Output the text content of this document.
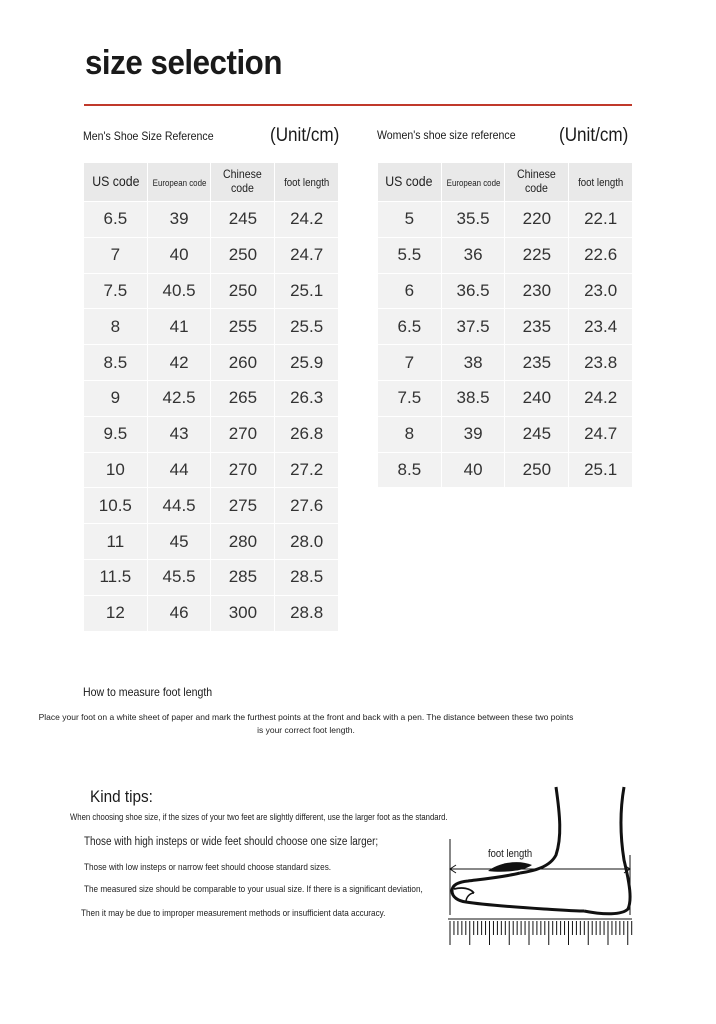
size selection
Men's Shoe Size Reference	(Unit/cm)
US code	European code	Chinese code	foot length
6.5	39	245	24.2
7	40	250	24.7
7.5	40.5	250	25.1
8	41	255	25.5
8.5	42	260	25.9
9	42.5	265	26.3
9.5	43	270	26.8
10	44	270	27.2
10.5	44.5	275	27.6
11	45	280	28.0
11.5	45.5	285	28.5
12	46	300	28.8
Women's shoe size reference (Unit/cm)
US code	European code	Chinese code	foot length
5	35.5	220	22.1
5.5	36	225	22.6
6	36.5	230	23.0
6.5	37.5	235	23.4
7	38	235	23.8
7.5	38.5	240	24.2
8	39	245	24.7
8.5	40	250	25.1
How to measure foot length
Place your foot on a white sheet of paper and mark the furthest points at the front and back with a pen. The distance between these two points is your correct foot length.
Kind tips:
When choosing shoe size, if the sizes of your two feet are slightly different, use the larger foot as the standard.
Those with high insteps or wide feet should choose one size larger;
Those with low insteps or narrow feet should choose standard sizes.
The measured size should be comparable to your usual size. If there is a significant deviation,
Then it may be due to improper measurement methods or insufficient data accuracy.
foot length
